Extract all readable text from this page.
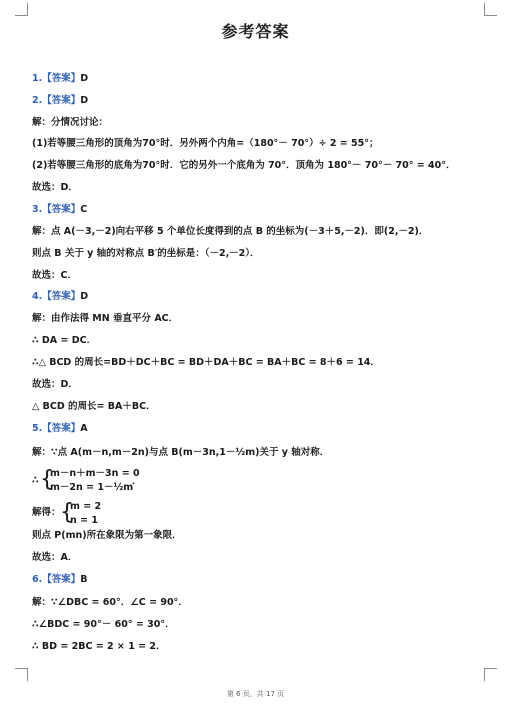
参考答案
1.【答案】D
2.【答案】D
解：分情况讨论：
(1)若等腰三角形的顶角为70°时．另外两个内角=（180°－ 70°）÷ 2 = 55°；
(2)若等腰三角形的底角为70°时．它的另外一个底角为 70°．顶角为 180°－ 70°－ 70° = 40°．
故选：D．
3.【答案】C
解：点 A(－3,－2)向右平移 5 个单位长度得到的点 B 的坐标为(－3＋5,－2)．即(2,－2)．
则点 B 关于 y 轴的对称点 B′的坐标是：（－2,－2）．
故选：C．
4.【答案】D
解：由作法得 MN 垂直平分 AC．
∴ DA = DC．
∴△ BCD 的周长=BD＋DC＋BC = BD＋DA＋BC = BA＋BC = 8＋6 = 14．
故选：D．
△ BCD 的周长= BA＋BC．
5.【答案】A
解：∵点 A(m－n,m－2n)与点 B(m－3n,1－½m)关于 y 轴对称．
则点 P(mn)所在象限为第一象限．
故选：A．
6.【答案】B
解：∵∠DBC = 60°．∠C = 90°．
∴∠BDC = 90°－ 60° = 30°．
∴ BD = 2BC = 2 × 1 = 2．
∴ {
m－n＋m－3n = 0
m－2n = 1－½m
．
解得： {
m = 2
n = 1
第 6 页，共 17 页
